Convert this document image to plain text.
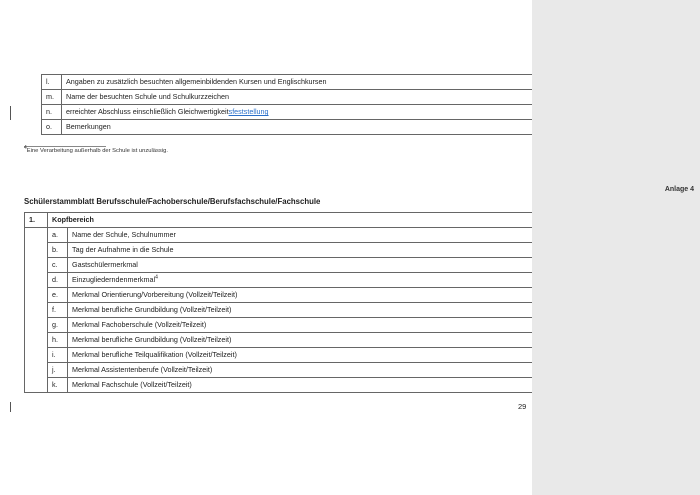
l.	Angaben zu zusätzlich besuchten allgemeinbildenden Kursen und Englischkursen
m.	Name der besuchten Schule und Schulkurzzeichen
n.	erreichter Abschluss einschließlich Gleichwertigkeitsfeststellung
o.	Bemerkungen
$^4$Eine Verarbeitung außerhalb der Schule ist unzulässig.
Schülerstammblatt Berufsschule/Fachoberschule/Berufsfachschule/Fachschule
1.	Kopfbereich	
	a.	Name der Schule, Schulnummer
	b.	Tag der Aufnahme in die Schule
	c.	Gastschülermerkmal
	d.	Einzugliederndenmerkmal$^4$
	e.	Merkmal Orientierung/Vorbereitung (Vollzeit/Teilzeit)
	f.	Merkmal berufliche Grundbildung (Vollzeit/Teilzeit)
	g.	Merkmal Fachoberschule (Vollzeit/Teilzeit)
	h.	Merkmal berufliche Grundbildung (Vollzeit/Teilzeit)
	i.	Merkmal berufliche Teilqualifikation (Vollzeit/Teilzeit)
	j.	Merkmal Assistentenberufe (Vollzeit/Teilzeit)
	k.	Merkmal Fachschule (Vollzeit/Teilzeit)
29
Anlage 4
